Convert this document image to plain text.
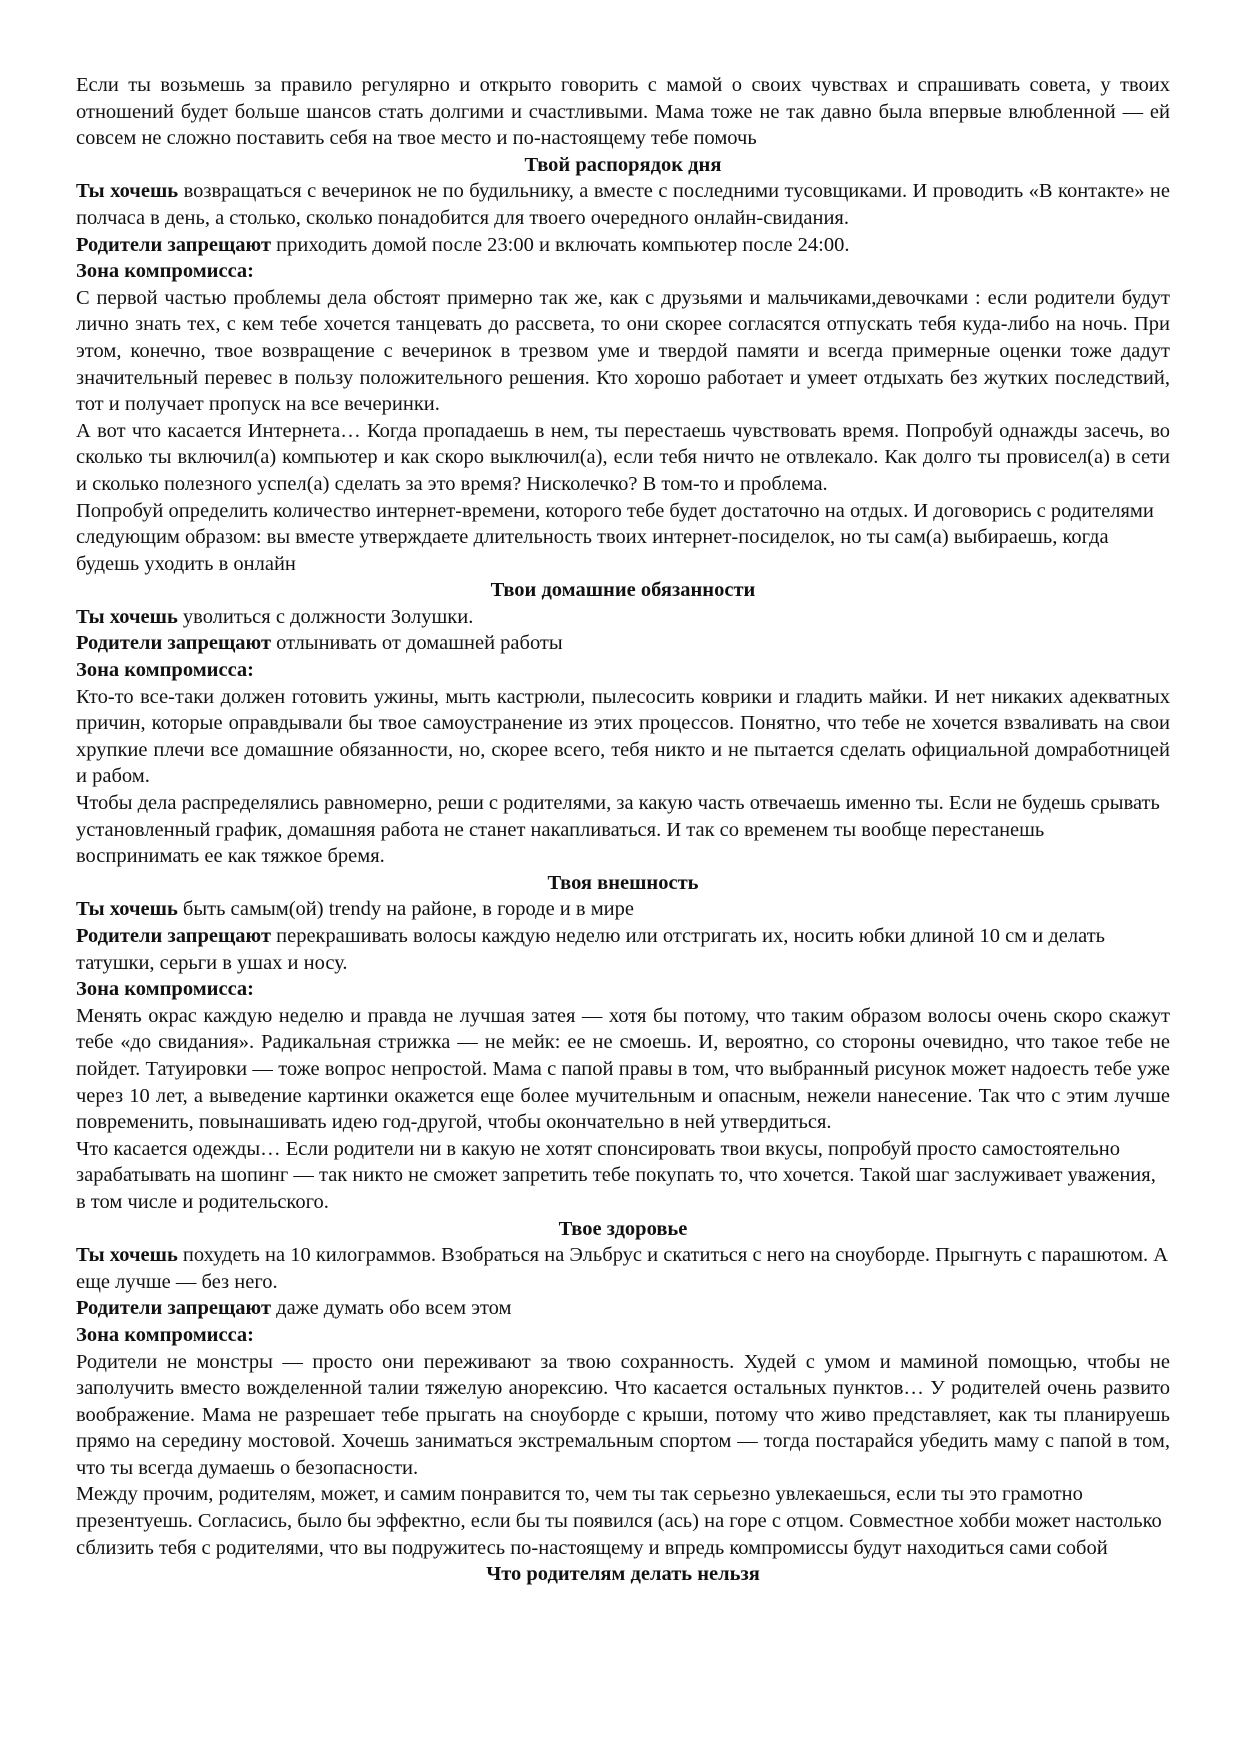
Если ты возьмешь за правило регулярно и открыто говорить с мамой о своих чувствах и спрашивать совета, у твоих отношений будет больше шансов стать долгими и счастливыми. Мама тоже не так давно была впервые влюбленной — ей совсем не сложно поставить себя на твое место и по-настоящему тебе помочь

Твой распорядок дня

Ты хочешь возвращаться с вечеринок не по будильнику, а вместе с последними тусовщиками. И проводить «В контакте» не полчаса в день, а столько, сколько понадобится для твоего очередного онлайн-свидания.

Родители запрещают приходить домой после 23:00 и включать компьютер после 24:00.

Зона компромисса:

С первой частью проблемы дела обстоят примерно так же, как с друзьями и мальчиками,девочками : если родители будут лично знать тех, с кем тебе хочется танцевать до рассвета, то они скорее согласятся отпускать тебя куда-либо на ночь. При этом, конечно, твое возвращение с вечеринок в трезвом уме и твердой памяти и всегда примерные оценки тоже дадут значительный перевес в пользу положительного решения. Кто хорошо работает и умеет отдыхать без жутких последствий, тот и получает пропуск на все вечеринки.

А вот что касается Интернета… Когда пропадаешь в нем, ты перестаешь чувствовать время. Попробуй однажды засечь, во сколько ты включил(а) компьютер и как скоро выключил(а), если тебя ничто не отвлекало. Как долго ты провисел(а) в сети и сколько полезного успел(а) сделать за это время? Нисколечко? В том-то и проблема.

Попробуй определить количество интернет-времени, которого тебе будет достаточно на отдых. И договорись с родителями следующим образом: вы вместе утверждаете длительность твоих интернет-посиделок, но ты сам(а) выбираешь, когда будешь уходить в онлайн

Твои домашние обязанности

Ты хочешь уволиться с должности Золушки.

Родители запрещают отлынивать от домашней работы

Зона компромисса:

Кто-то все-таки должен готовить ужины, мыть кастрюли, пылесосить коврики и гладить майки. И нет никаких адекватных причин, которые оправдывали бы твое самоустранение из этих процессов. Понятно, что тебе не хочется взваливать на свои хрупкие плечи все домашние обязанности, но, скорее всего, тебя никто и не пытается сделать официальной домработницей и рабом.

Чтобы дела распределялись равномерно, реши с родителями, за какую часть отвечаешь именно ты. Если не будешь срывать установленный график, домашняя работа не станет накапливаться. И так со временем ты вообще перестанешь воспринимать ее как тяжкое бремя.

Твоя внешность

Ты хочешь быть самым(ой) trendy на районе, в городе и в мире

Родители запрещают перекрашивать волосы каждую неделю или отстригать их, носить юбки длиной 10 см и делать татушки, серьги в ушах и носу.

Зона компромисса:

Менять окрас каждую неделю и правда не лучшая затея — хотя бы потому, что таким образом волосы очень скоро скажут тебе «до свидания». Радикальная стрижка — не мейк: ее не смоешь. И, вероятно, со стороны очевидно, что такое тебе не пойдет. Татуировки — тоже вопрос непростой. Мама с папой правы в том, что выбранный рисунок может надоесть тебе уже через 10 лет, а выведение картинки окажется еще более мучительным и опасным, нежели нанесение. Так что с этим лучше повременить, повынашивать идею год-другой, чтобы окончательно в ней утвердиться.

Что касается одежды… Если родители ни в какую не хотят спонсировать твои вкусы, попробуй просто самостоятельно зарабатывать на шопинг — так никто не сможет запретить тебе покупать то, что хочется. Такой шаг заслуживает уважения, в том числе и родительского.

Твое здоровье

Ты хочешь похудеть на 10 килограммов. Взобраться на Эльбрус и скатиться с него на сноуборде. Прыгнуть с парашютом. А еще лучше — без него.

Родители запрещают даже думать обо всем этом

Зона компромисса:

Родители не монстры — просто они переживают за твою сохранность. Худей с умом и маминой помощью, чтобы не заполучить вместо вожделенной талии тяжелую анорексию. Что касается остальных пунктов… У родителей очень развито воображение. Мама не разрешает тебе прыгать на сноуборде с крыши, потому что живо представляет, как ты планируешь прямо на середину мостовой. Хочешь заниматься экстремальным спортом — тогда постарайся убедить маму с папой в том, что ты всегда думаешь о безопасности.

Между прочим, родителям, может, и самим понравится то, чем ты так серьезно увлекаешься, если ты это грамотно презентуешь. Согласись, было бы эффектно, если бы ты появился (ась) на горе с отцом. Совместное хобби может настолько сблизить тебя с родителями, что вы подружитесь по-настоящему и впредь компромиссы будут находиться сами собой

Что родителям делать нельзя
